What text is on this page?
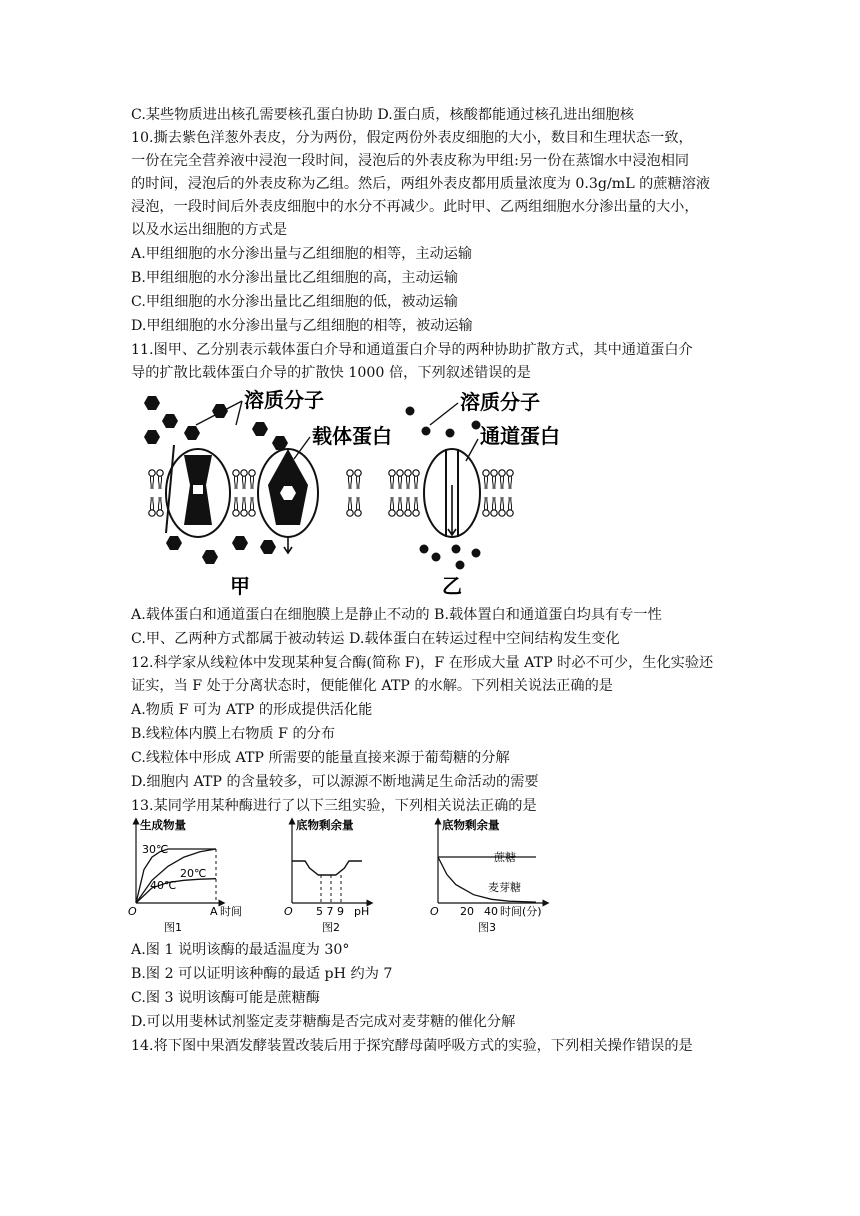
C.某些物质进出核孔需要核孔蛋白协助 D.蛋白质，核酸都能通过核孔进出细胞核
10.撕去紫色洋葱外表皮，分为两份，假定两份外表皮细胞的大小，数目和生理状态一致，
一份在完全营养液中浸泡一段时间，浸泡后的外表皮称为甲组:另一份在蒸馏水中浸泡相同
的时间，浸泡后的外表皮称为乙组。然后，两组外表皮都用质量浓度为 0.3g/mL 的蔗糖溶液
浸泡，一段时间后外表皮细胞中的水分不再减少。此时甲、乙两组细胞水分渗出量的大小，
以及水运出细胞的方式是
A.甲组细胞的水分渗出量与乙组细胞的相等，主动运输
B.甲组细胞的水分渗出量比乙组细胞的高，主动运输
C.甲组细胞的水分渗出量比乙组细胞的低，被动运输
D.甲组细胞的水分渗出量与乙组细胞的相等，被动运输
11.图甲、乙分别表示载体蛋白介导和通道蛋白介导的两种协助扩散方式，其中通道蛋白介
导的扩散比载体蛋白介导的扩散快 1000 倍，下列叙述错误的是
溶质分子
载体蛋白
甲
溶质分子
通道蛋白
乙
A.载体蛋白和通道蛋白在细胞膜上是静止不动的 B.载体置白和通道蛋白均具有专一性
C.甲、乙两种方式都属于被动转运 D.载体蛋白在转运过程中空间结构发生变化
12.科学家从线粒体中发现某种复合酶(简称 F)，F 在形成大量 ATP 时必不可少，生化实验还
证实，当 F 处于分离状态时，便能催化 ATP 的水解。下列相关说法正确的是
A.物质 F 可为 ATP 的形成提供活化能
B.线粒体内膜上右物质 F 的分布
C.线粒体中形成 ATP 所需要的能量直接来源于葡萄糖的分解
D.细胞内 ATP 的含量较多，可以源源不断地满足生命活动的需要
13.某同学用某种酶进行了以下三组实验，下列相关说法正确的是
生成物量
30℃
20℃
40℃
O	A 时间
图1
底物剩余量
O 5 7 9 pH
图2
底物剩余量
蔗糖
麦芽糖
O 20 40 时间(分)
图3
A.图 1 说明该酶的最适温度为 30°
B.图 2 可以证明该种酶的最适 pH 约为 7
C.图 3 说明该酶可能是蔗糖酶
D.可以用斐林试剂鉴定麦芽糖酶是否完成对麦芽糖的催化分解
14.将下图中果酒发酵装置改装后用于探究酵母菌呼吸方式的实验，下列相关操作错误的是
